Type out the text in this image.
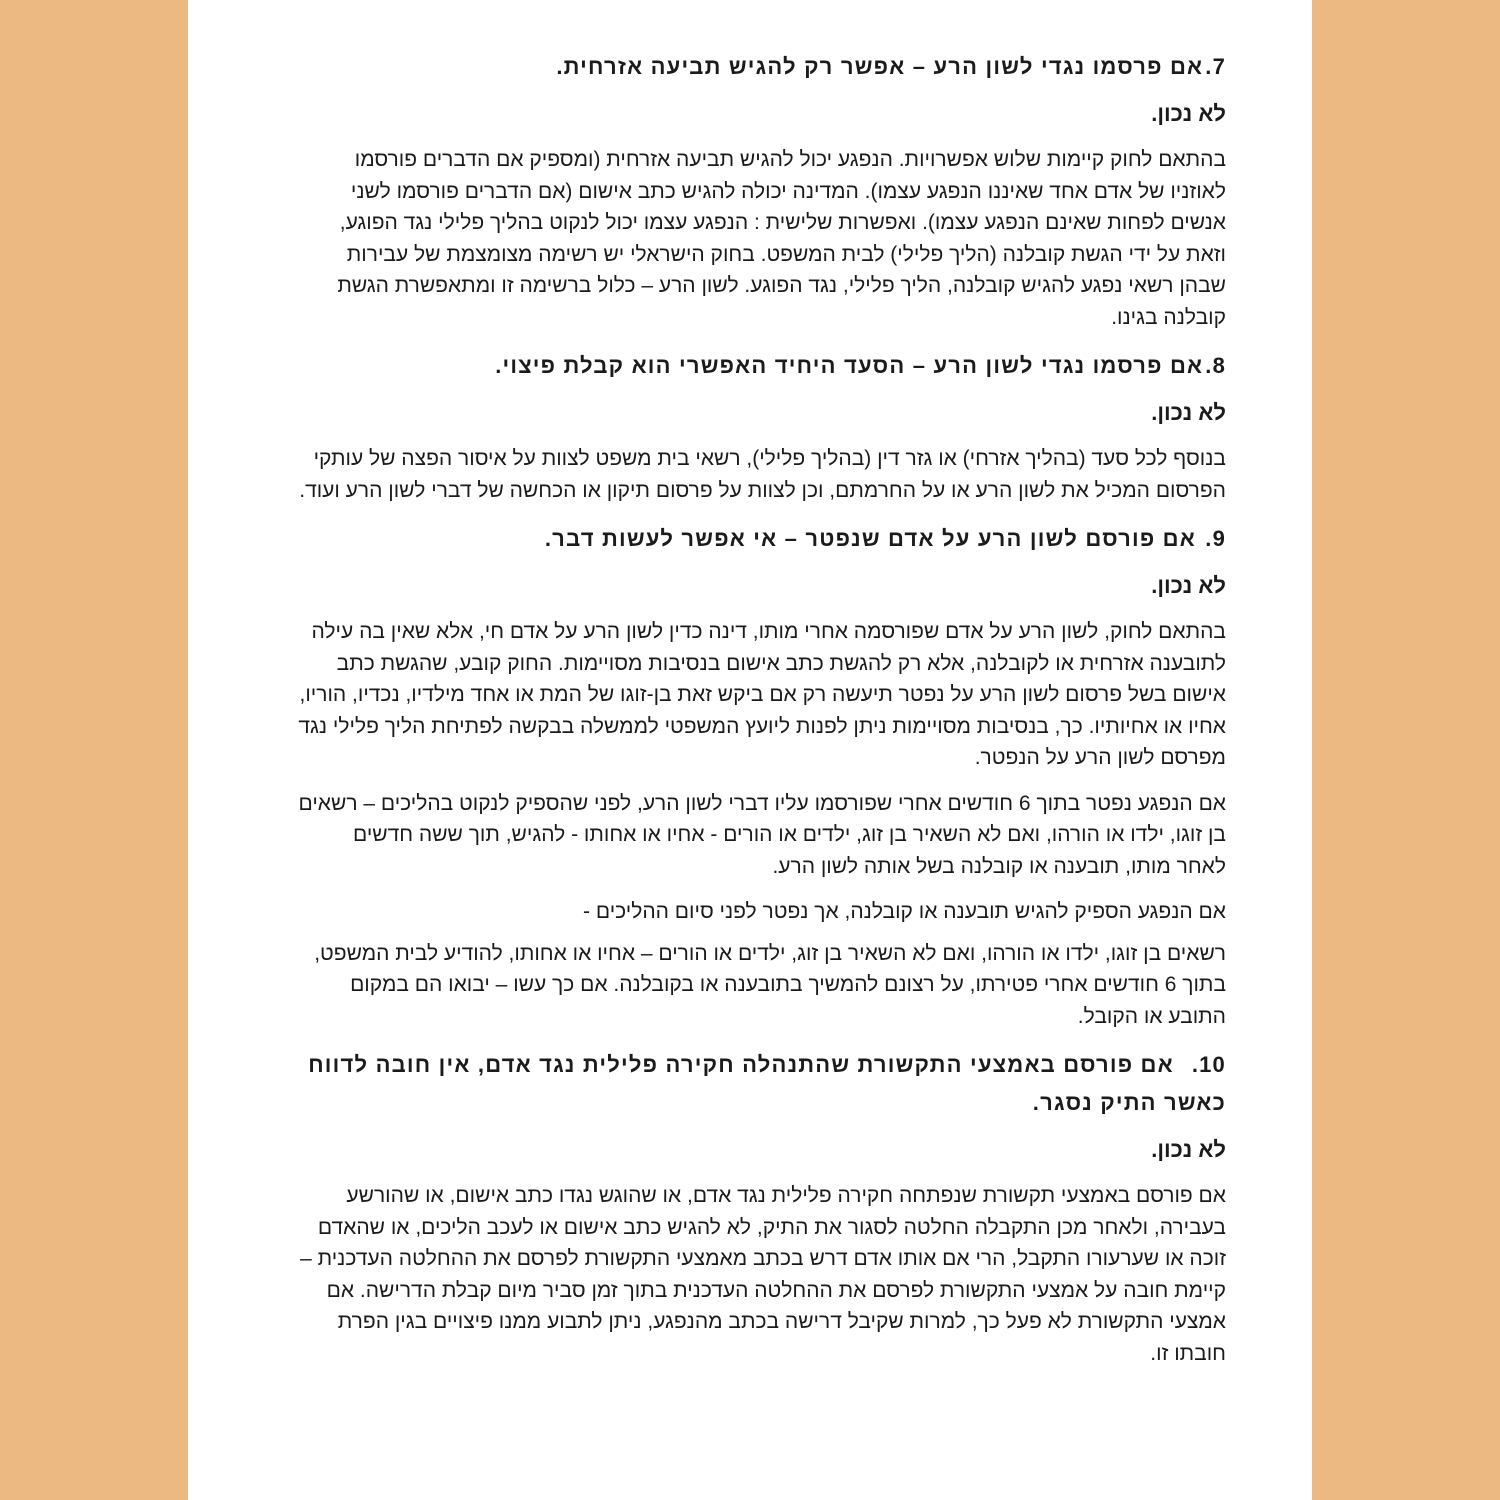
7.אם פרסמו נגדי לשון הרע – אפשר רק להגיש תביעה אזרחית.
לא נכון.
בהתאם לחוק קיימות שלוש אפשרויות. הנפגע יכול להגיש תביעה אזרחית (ומספיק אם הדברים פורסמו לאוזניו של אדם אחד שאיננו הנפגע עצמו). המדינה יכולה להגיש כתב אישום (אם הדברים פורסמו לשני אנשים לפחות שאינם הנפגע עצמו). ואפשרות שלישית : הנפגע עצמו יכול לנקוט בהליך פלילי נגד הפוגע, וזאת על ידי הגשת קובלנה (הליך פלילי) לבית המשפט. בחוק הישראלי יש רשימה מצומצמת של עבירות שבהן רשאי נפגע להגיש קובלנה, הליך פלילי, נגד הפוגע. לשון הרע – כלול ברשימה זו ומתאפשרת הגשת קובלנה בגינו.
8.אם פרסמו נגדי לשון הרע – הסעד היחיד האפשרי הוא קבלת פיצוי.
לא נכון.
בנוסף לכל סעד (בהליך אזרחי) או גזר דין (בהליך פלילי), רשאי בית משפט לצוות על איסור הפצה של עותקי הפרסום המכיל את לשון הרע או על החרמתם, וכן לצוות על פרסום תיקון או הכחשה של דברי לשון הרע ועוד.
9. אם פורסם לשון הרע על אדם שנפטר – אי אפשר לעשות דבר.
לא נכון.
בהתאם לחוק, לשון הרע על אדם שפורסמה אחרי מותו, דינה כדין לשון הרע על אדם חי, אלא שאין בה עילה לתובענה אזרחית או לקובלנה, אלא רק להגשת כתב אישום בנסיבות מסויימות. החוק קובע, שהגשת כתב אישום בשל פרסום לשון הרע על נפטר תיעשה רק אם ביקש זאת בן-זוגו של המת או אחד מילדיו, נכדיו, הוריו, אחיו או אחיותיו. כך, בנסיבות מסויימות ניתן לפנות ליועץ המשפטי לממשלה בבקשה לפתיחת הליך פלילי נגד מפרסם לשון הרע על הנפטר.
אם הנפגע נפטר בתוך 6 חודשים אחרי שפורסמו עליו דברי לשון הרע, לפני שהספיק לנקוט בהליכים – רשאים בן זוגו, ילדו או הורהו, ואם לא השאיר בן זוג, ילדים או הורים - אחיו או אחותו - להגיש, תוך ששה חדשים לאחר מותו, תובענה או קובלנה בשל אותה לשון הרע.
אם הנפגע הספיק להגיש תובענה או קובלנה, אך נפטר לפני סיום ההליכים -
רשאים בן זוגו, ילדו או הורהו, ואם לא השאיר בן זוג, ילדים או הורים – אחיו או אחותו, להודיע לבית המשפט, בתוך 6 חודשים אחרי פטירתו, על רצונם להמשיך בתובענה או בקובלנה. אם כך עשו – יבואו הם במקום התובע או הקובל.
10.אם פורסם באמצעי התקשורת שהתנהלה חקירה פלילית נגד אדם, אין חובה לדווח כאשר התיק נסגר.
לא נכון.
אם פורסם באמצעי תקשורת שנפתחה חקירה פלילית נגד אדם, או שהוגש נגדו כתב אישום, או שהורשע בעבירה, ולאחר מכן התקבלה החלטה לסגור את התיק, לא להגיש כתב אישום או לעכב הליכים, או שהאדם זוכה או שערעורו התקבל, הרי אם אותו אדם דרש בכתב מאמצעי התקשורת לפרסם את ההחלטה העדכנית – קיימת חובה על אמצעי התקשורת לפרסם את ההחלטה העדכנית בתוך זמן סביר מיום קבלת הדרישה. אם אמצעי התקשורת לא פעל כך, למרות שקיבל דרישה בכתב מהנפגע, ניתן לתבוע ממנו פיצויים בגין הפרת חובתו זו.
